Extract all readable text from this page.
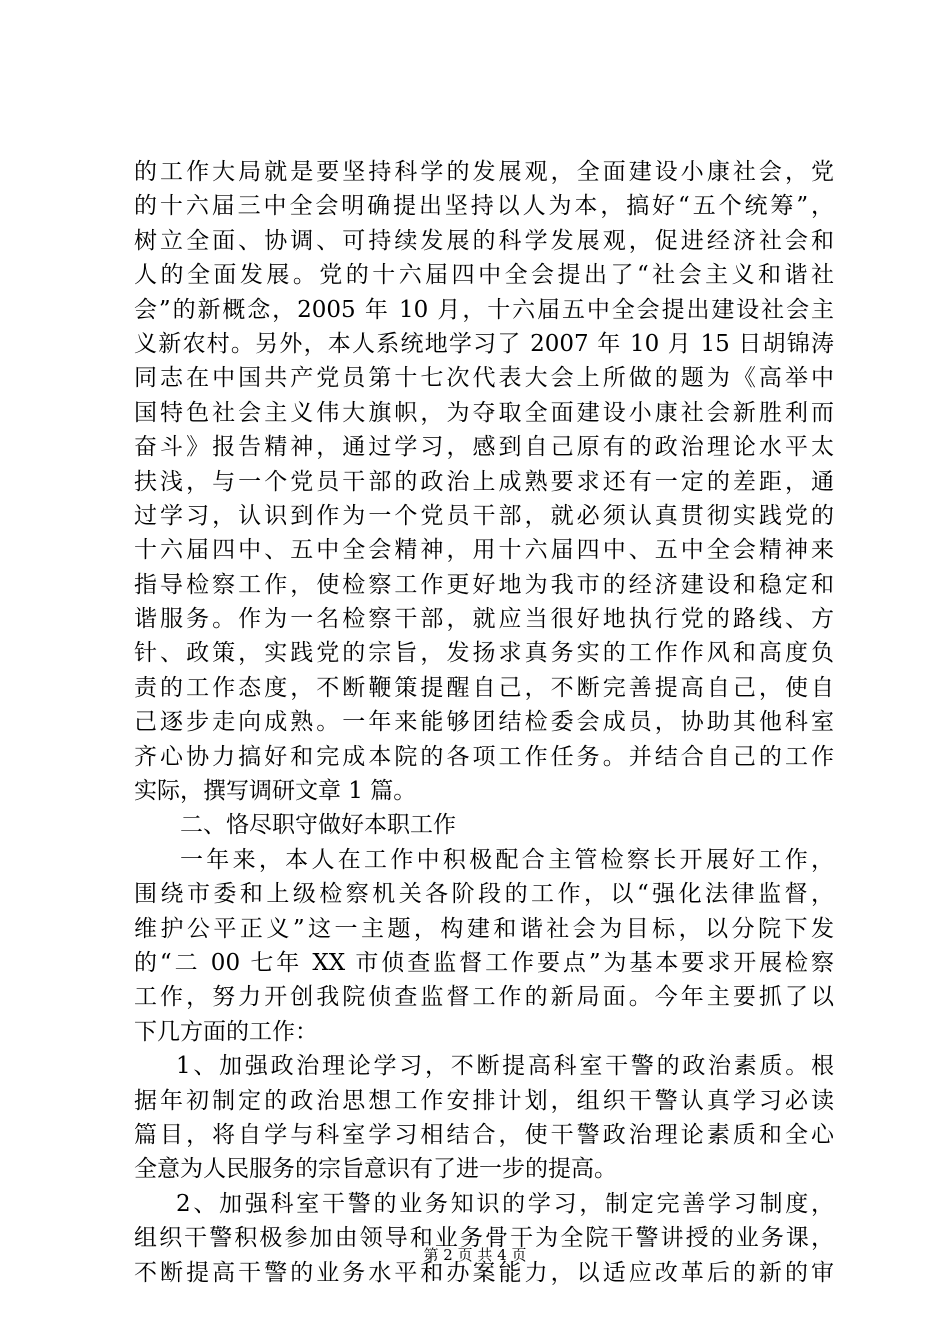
的工作大局就是要坚持科学的发展观，全面建设小康社会，党
的十六届三中全会明确提出坚持以人为本，搞好“五个统筹”，
树立全面、协调、可持续发展的科学发展观，促进经济社会和
人的全面发展。党的十六届四中全会提出了“社会主义和谐社
会”的新概念，2005 年 10 月，十六届五中全会提出建设社会主
义新农村。另外，本人系统地学习了 2007 年 10 月 15 日胡锦涛
同志在中国共产党员第十七次代表大会上所做的题为《高举中
国特色社会主义伟大旗帜，为夺取全面建设小康社会新胜利而
奋斗》报告精神，通过学习，感到自己原有的政治理论水平太
扶浅，与一个党员干部的政治上成熟要求还有一定的差距，通
过学习，认识到作为一个党员干部，就必须认真贯彻实践党的
十六届四中、五中全会精神，用十六届四中、五中全会精神来
指导检察工作，使检察工作更好地为我市的经济建设和稳定和
谐服务。作为一名检察干部，就应当很好地执行党的路线、方
针、政策，实践党的宗旨，发扬求真务实的工作作风和高度负
责的工作态度，不断鞭策提醒自己，不断完善提高自己，使自
己逐步走向成熟。一年来能够团结检委会成员，协助其他科室
齐心协力搞好和完成本院的各项工作任务。并结合自己的工作
实际，撰写调研文章 1 篇。
二、恪尽职守做好本职工作
一年来，本人在工作中积极配合主管检察长开展好工作，
围绕市委和上级检察机关各阶段的工作，以“强化法律监督，
维护公平正义”这一主题，构建和谐社会为目标，以分院下发
的“二 00 七年 XX 市侦查监督工作要点”为基本要求开展检察
工作，努力开创我院侦查监督工作的新局面。今年主要抓了以
下几方面的工作：
1、加强政治理论学习，不断提高科室干警的政治素质。根
据年初制定的政治思想工作安排计划，组织干警认真学习必读
篇目，将自学与科室学习相结合，使干警政治理论素质和全心
全意为人民服务的宗旨意识有了进一步的提高。
2、加强科室干警的业务知识的学习，制定完善学习制度，
组织干警积极参加由领导和业务骨干为全院干警讲授的业务课，
不断提高干警的业务水平和办案能力，以适应改革后的新的审
第 2 页 共 4 页
